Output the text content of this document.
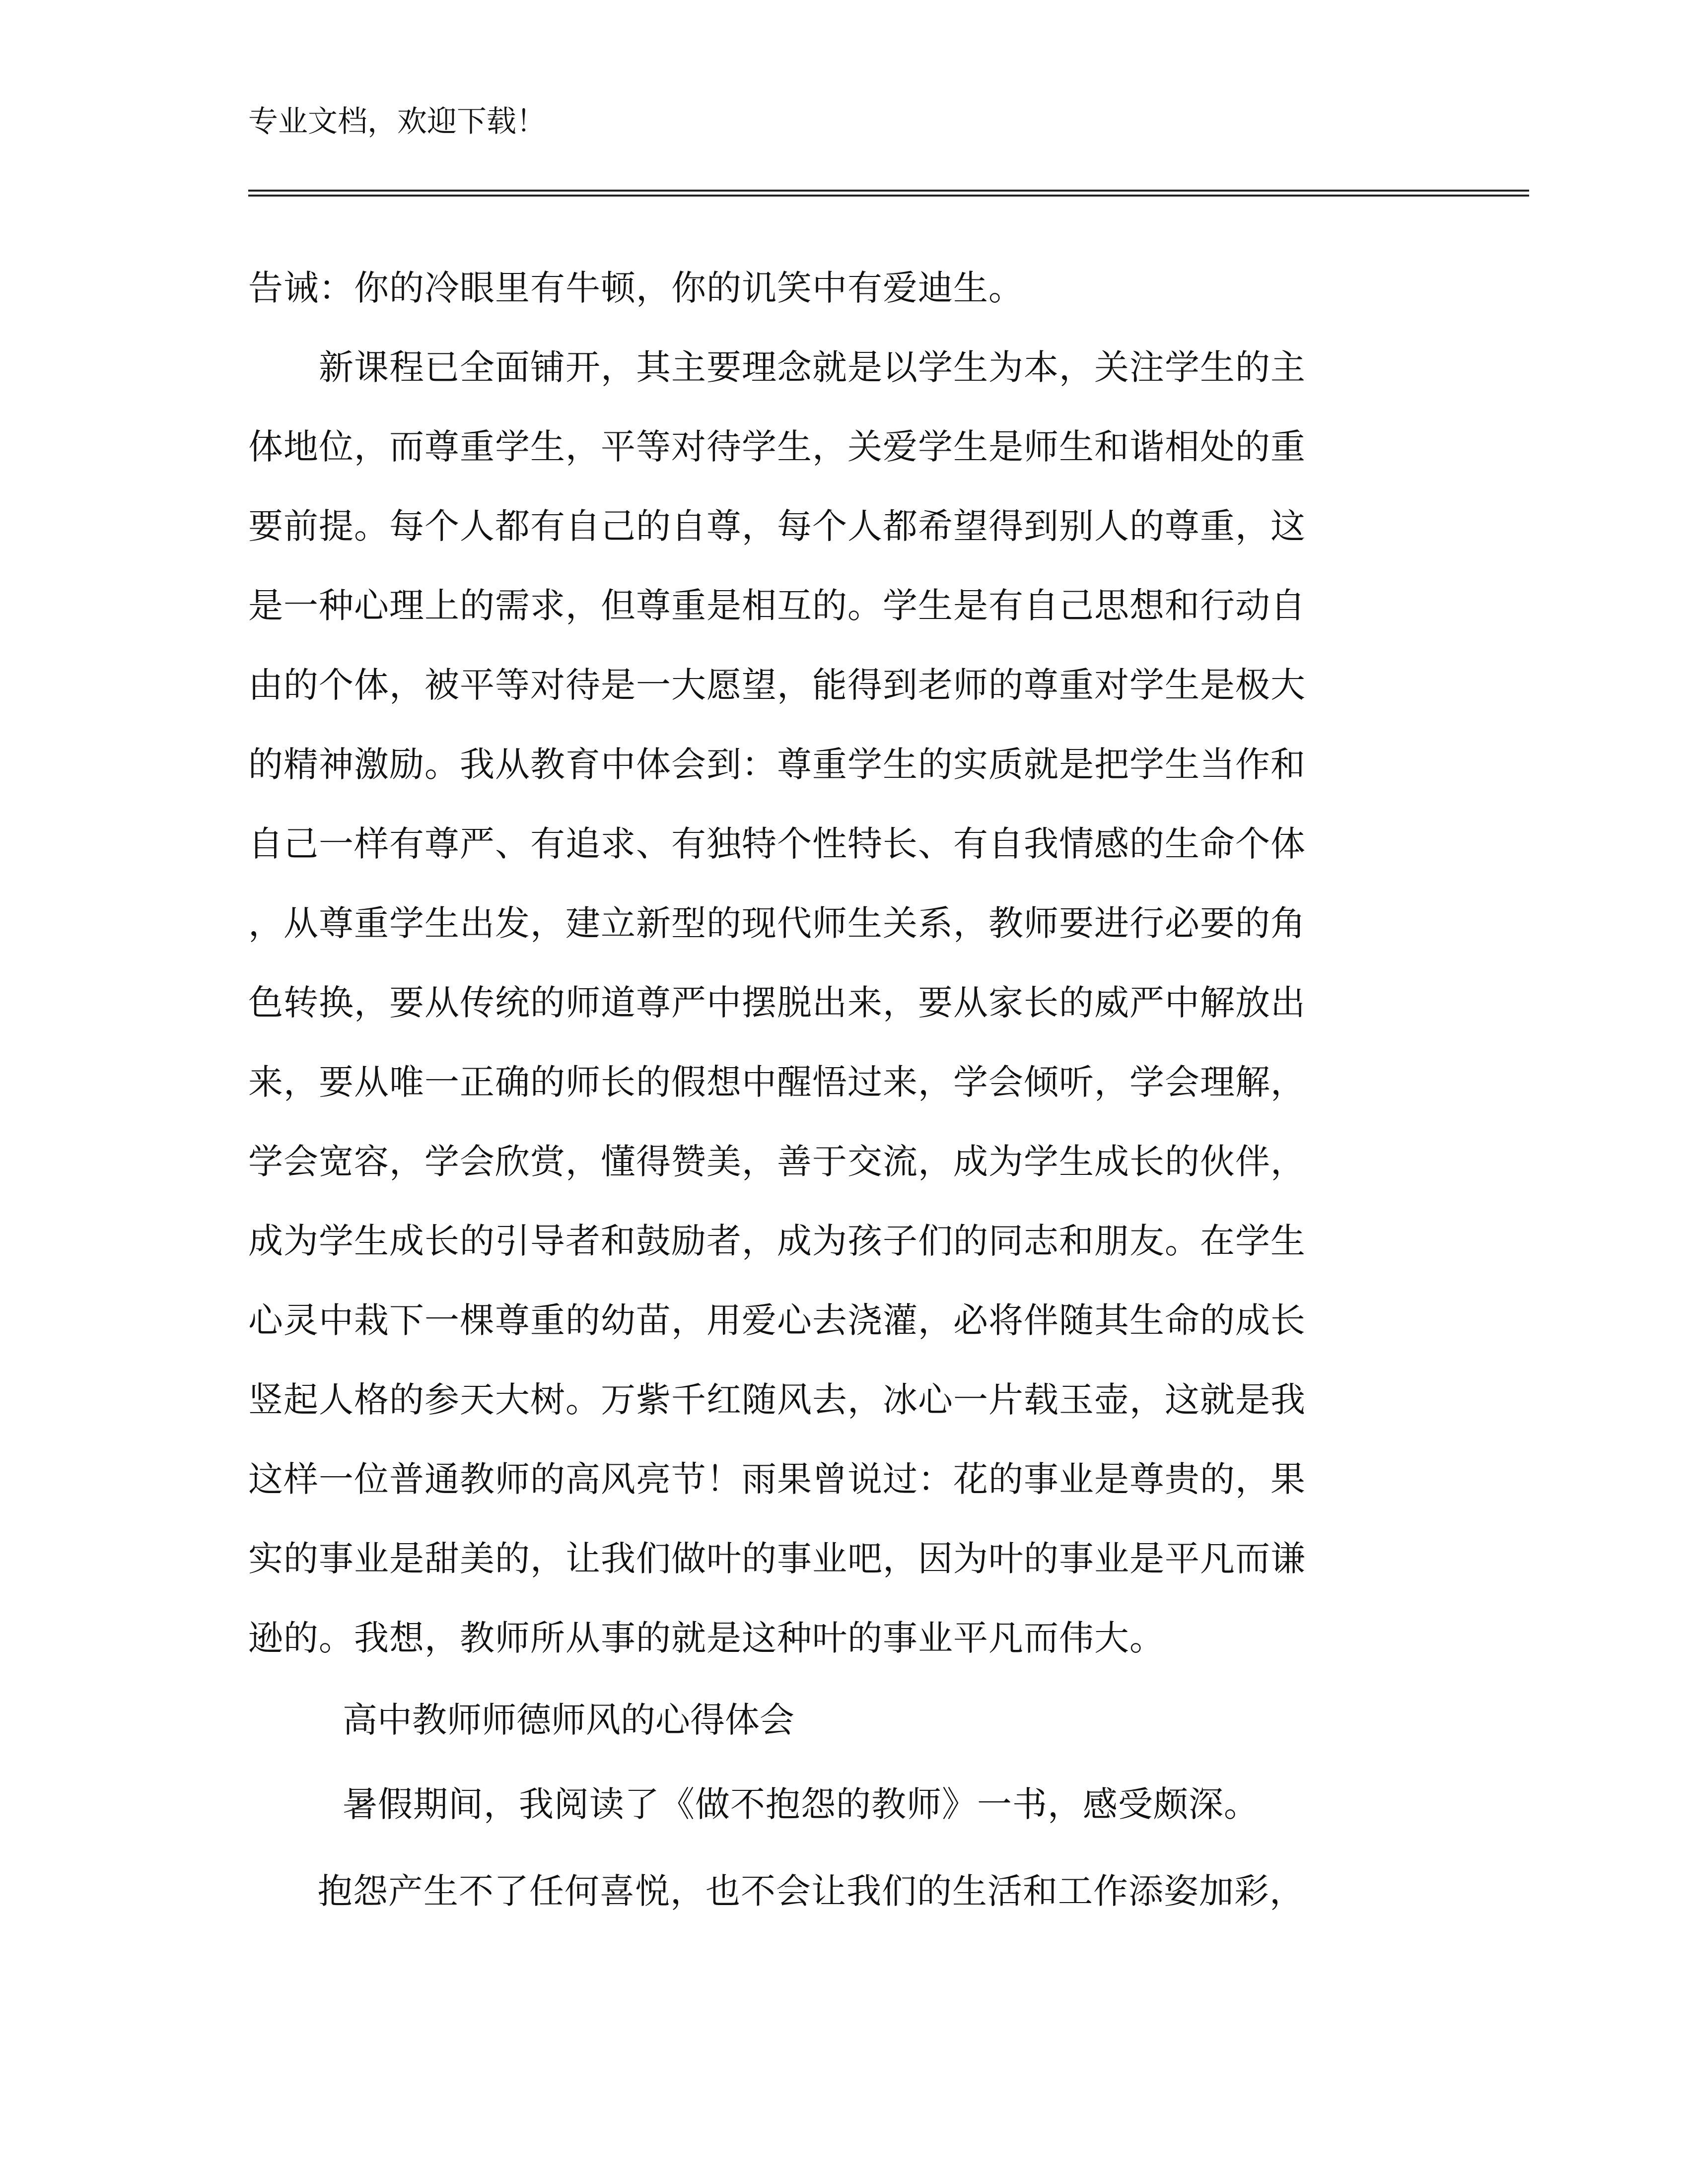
专业文档，欢迎下载！
告诫：你的冷眼里有牛顿，你的讥笑中有爱迪生。
　　新课程已全面铺开，其主要理念就是以学生为本，关注学生的主
体地位，而尊重学生，平等对待学生，关爱学生是师生和谐相处的重
要前提。每个人都有自己的自尊，每个人都希望得到别人的尊重，这
是一种心理上的需求，但尊重是相互的。学生是有自己思想和行动自
由的个体，被平等对待是一大愿望，能得到老师的尊重对学生是极大
的精神激励。我从教育中体会到：尊重学生的实质就是把学生当作和
自己一样有尊严、有追求、有独特个性特长、有自我情感的生命个体
，从尊重学生出发，建立新型的现代师生关系，教师要进行必要的角
色转换，要从传统的师道尊严中摆脱出来，要从家长的威严中解放出
来，要从唯一正确的师长的假想中醒悟过来，学会倾听，学会理解，
学会宽容，学会欣赏，懂得赞美，善于交流，成为学生成长的伙伴，
成为学生成长的引导者和鼓励者，成为孩子们的同志和朋友。在学生
心灵中栽下一棵尊重的幼苗，用爱心去浇灌，必将伴随其生命的成长
竖起人格的参天大树。万紫千红随风去，冰心一片载玉壶，这就是我
这样一位普通教师的高风亮节！雨果曾说过：花的事业是尊贵的，果
实的事业是甜美的，让我们做叶的事业吧，因为叶的事业是平凡而谦
逊的。我想，教师所从事的就是这种叶的事业平凡而伟大。
高中教师师德师风的心得体会
暑假期间，我阅读了《做不抱怨的教师》一书，感受颇深。
抱怨产生不了任何喜悦，也不会让我们的生活和工作添姿加彩，
